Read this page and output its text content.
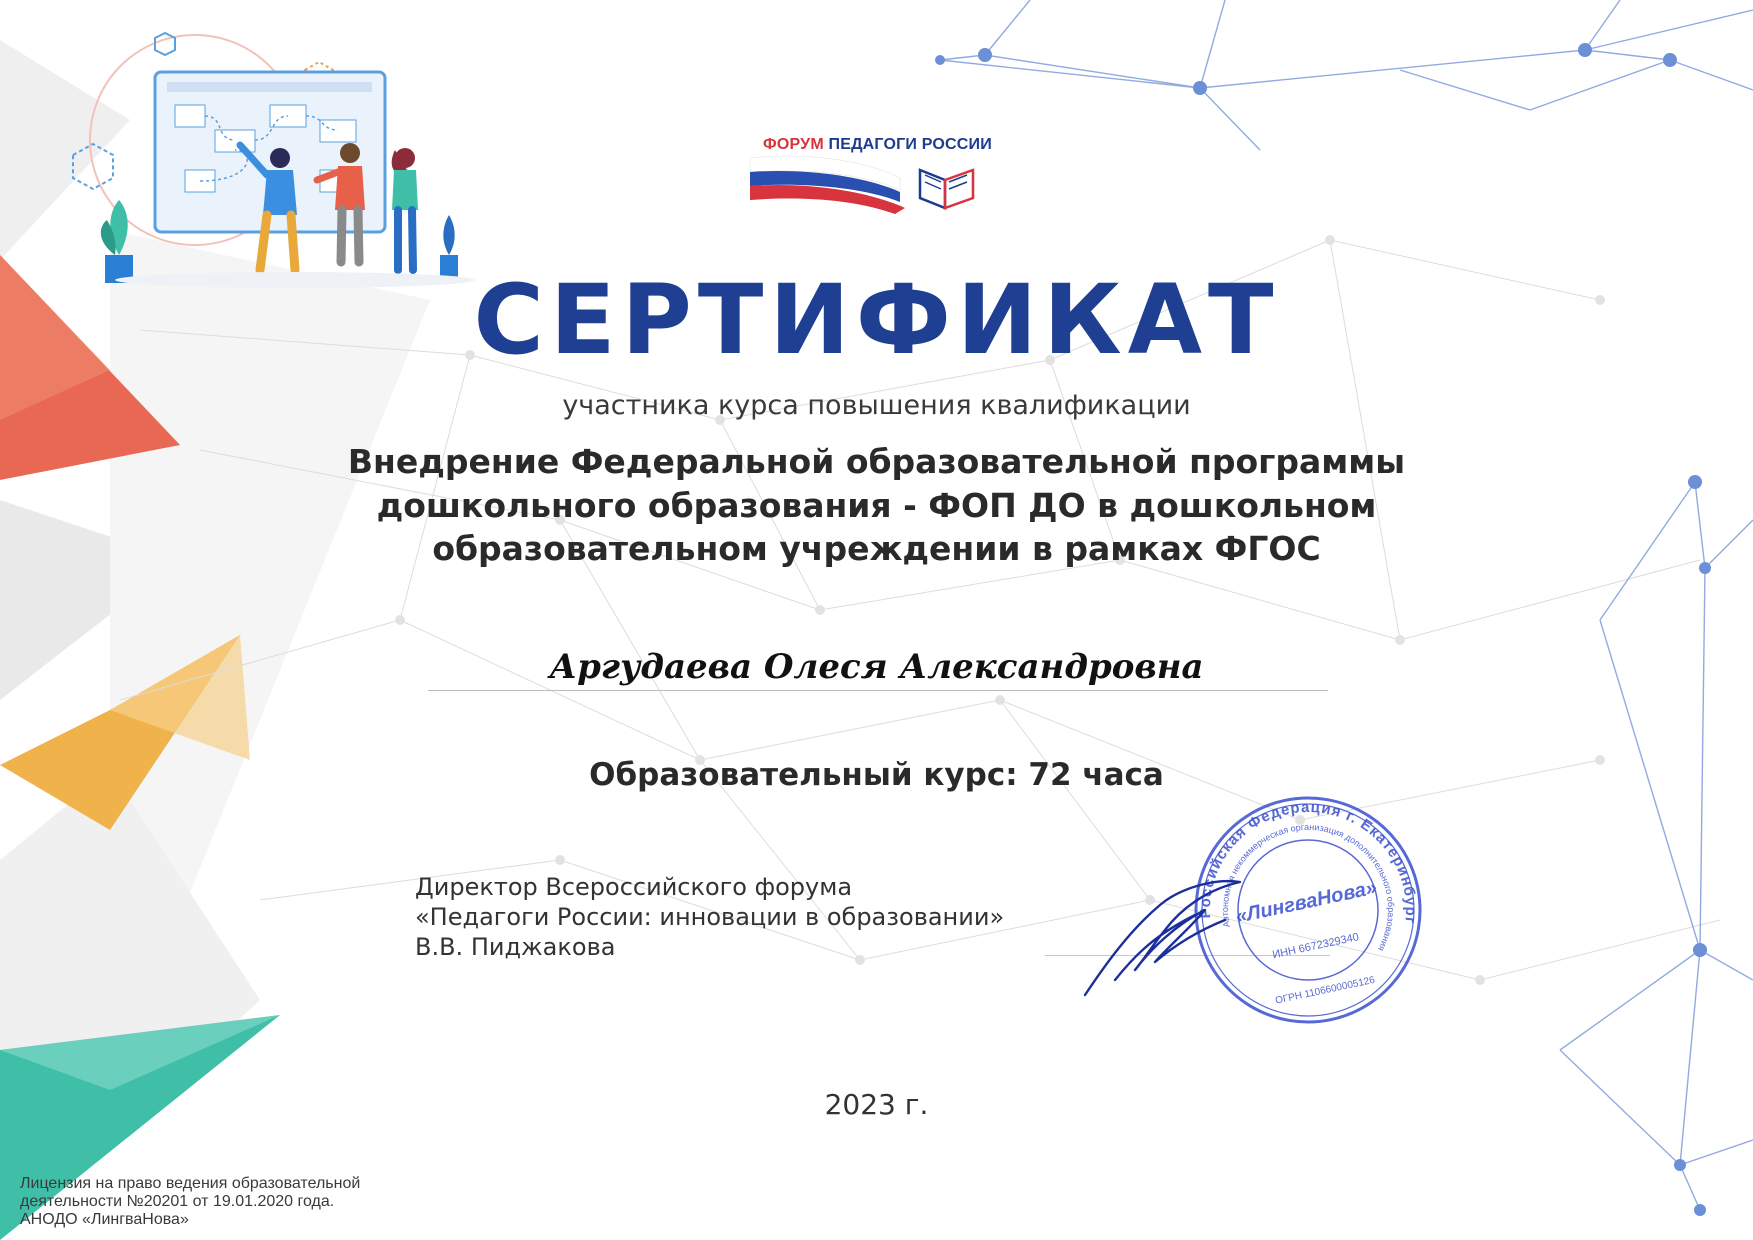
ФОРУМ ПЕДАГОГИ РОССИИ
СЕРТИФИКАТ
участника курса повышения квалификации
Внедрение Федеральной образовательной программы
дошкольного образования - ФОП ДО в дошкольном
образовательном учреждении в рамках ФГОС
Аргудаева Олеся Александровна
Образовательный курс: 72 часа
Директор Всероссийского форума
«Педагоги России: инновации в образовании»
В.В. Пиджакова
Российская Федерация г. Екатеринбург
Автономная некоммерческая организация дополнительного образования
«ЛингваНова»
ИНН 6672329340
ОГРН 1106600005126
2023 г.
Лицензия на право ведения образовательной
деятельности №20201 от 19.01.2020 года.
АНОДО «ЛингваНова»
